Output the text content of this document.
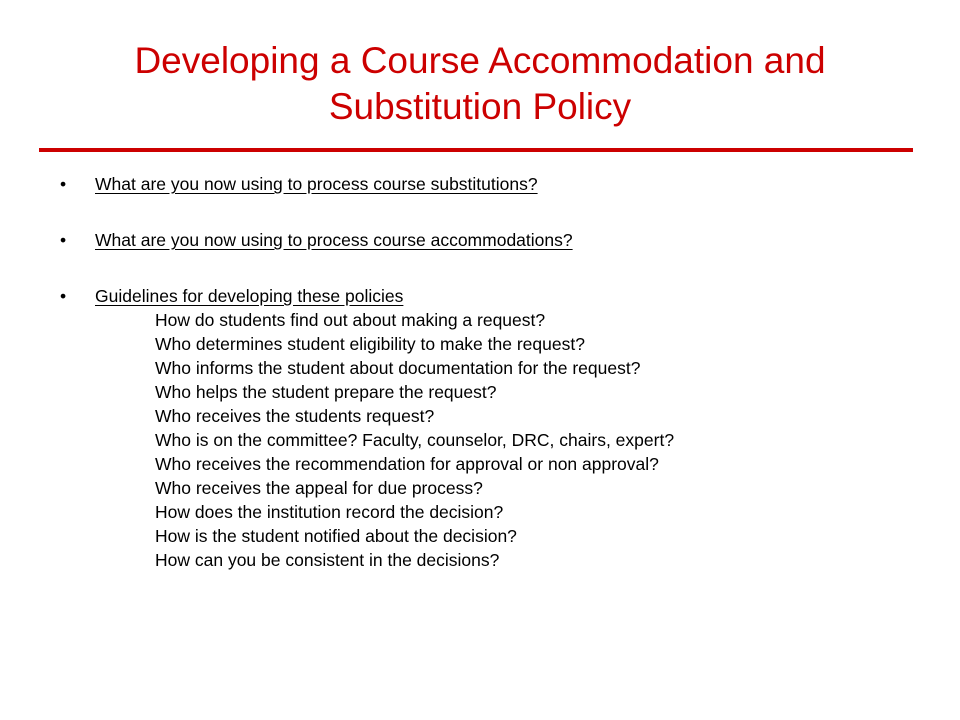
Developing a Course Accommodation and
Substitution Policy
• What are you now using to process course substitutions?
• What are you now using to process course accommodations?
• Guidelines for developing these policies
How do students find out about making a request?
Who determines student eligibility to make the request?
Who informs the student about documentation for the request?
Who helps the student prepare the request?
Who receives the students request?
Who is on the committee? Faculty, counselor, DRC, chairs, expert?
Who receives the recommendation for approval or non approval?
Who receives the appeal for due process?
How does the institution record the decision?
How is the student notified about the decision?
How can you be consistent in the decisions?
